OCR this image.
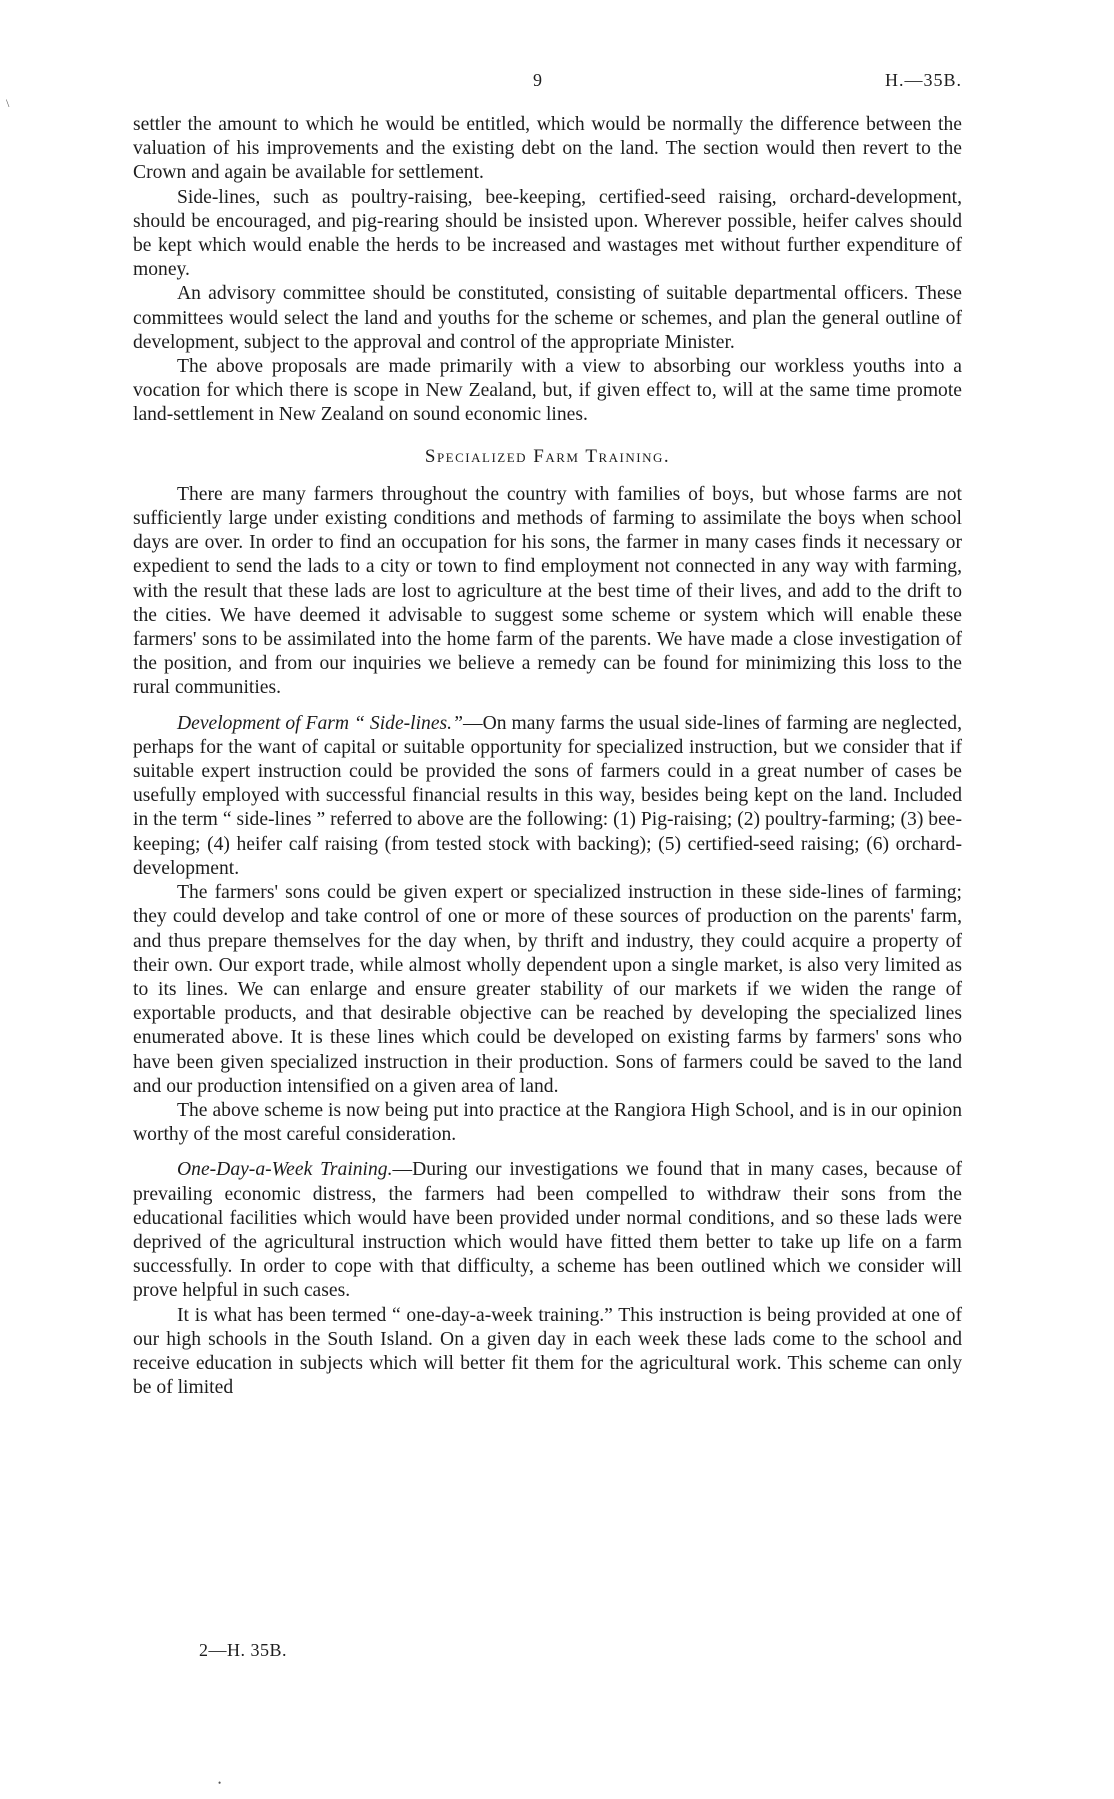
9	H.—35B.
\

settler the amount to which he would be entitled, which would be normally the difference between the valuation of his improvements and the existing debt on the land. The section would then revert to the Crown and again be available for settlement.

Side-lines, such as poultry-raising, bee-keeping, certified-seed raising, orchard-development, should be encouraged, and pig-rearing should be insisted upon. Wherever possible, heifer calves should be kept which would enable the herds to be increased and wastages met without further expenditure of money.

An advisory committee should be constituted, consisting of suitable departmental officers. These committees would select the land and youths for the scheme or schemes, and plan the general outline of development, subject to the approval and control of the appropriate Minister.

The above proposals are made primarily with a view to absorbing our workless youths into a vocation for which there is scope in New Zealand, but, if given effect to, will at the same time promote land-settlement in New Zealand on sound economic lines.

Specialized Farm Training.

There are many farmers throughout the country with families of boys, but whose farms are not sufficiently large under existing conditions and methods of farming to assimilate the boys when school days are over. In order to find an occupation for his sons, the farmer in many cases finds it necessary or expedient to send the lads to a city or town to find employment not connected in any way with farming, with the result that these lads are lost to agriculture at the best time of their lives, and add to the drift to the cities. We have deemed it advisable to suggest some scheme or system which will enable these farmers' sons to be assimilated into the home farm of the parents. We have made a close investigation of the position, and from our inquiries we believe a remedy can be found for minimizing this loss to the rural communities.

Development of Farm “ Side-lines.”—On many farms the usual side-lines of farming are neglected, perhaps for the want of capital or suitable opportunity for specialized instruction, but we consider that if suitable expert instruction could be provided the sons of farmers could in a great number of cases be usefully employed with successful financial results in this way, besides being kept on the land. Included in the term “ side-lines ” referred to above are the following: (1) Pig-raising; (2) poultry-farming; (3) bee-keeping; (4) heifer calf raising (from tested stock with backing); (5) certified-seed raising; (6) orchard-development.

The farmers' sons could be given expert or specialized instruction in these side-lines of farming; they could develop and take control of one or more of these sources of production on the parents' farm, and thus prepare themselves for the day when, by thrift and industry, they could acquire a property of their own. Our export trade, while almost wholly dependent upon a single market, is also very limited as to its lines. We can enlarge and ensure greater stability of our markets if we widen the range of exportable products, and that desirable objective can be reached by developing the specialized lines enumerated above. It is these lines which could be developed on existing farms by farmers' sons who have been given specialized instruction in their production. Sons of farmers could be saved to the land and our production intensified on a given area of land.

The above scheme is now being put into practice at the Rangiora High School, and is in our opinion worthy of the most careful consideration.

One-Day-a-Week Training.—During our investigations we found that in many cases, because of prevailing economic distress, the farmers had been compelled to withdraw their sons from the educational facilities which would have been provided under normal conditions, and so these lads were deprived of the agricultural instruction which would have fitted them better to take up life on a farm successfully. In order to cope with that difficulty, a scheme has been outlined which we consider will prove helpful in such cases.

It is what has been termed “ one-day-a-week training.” This instruction is being provided at one of our high schools in the South Island. On a given day in each week these lads come to the school and receive education in subjects which will better fit them for the agricultural work. This scheme can only be of limited

2—H. 35B.
•
